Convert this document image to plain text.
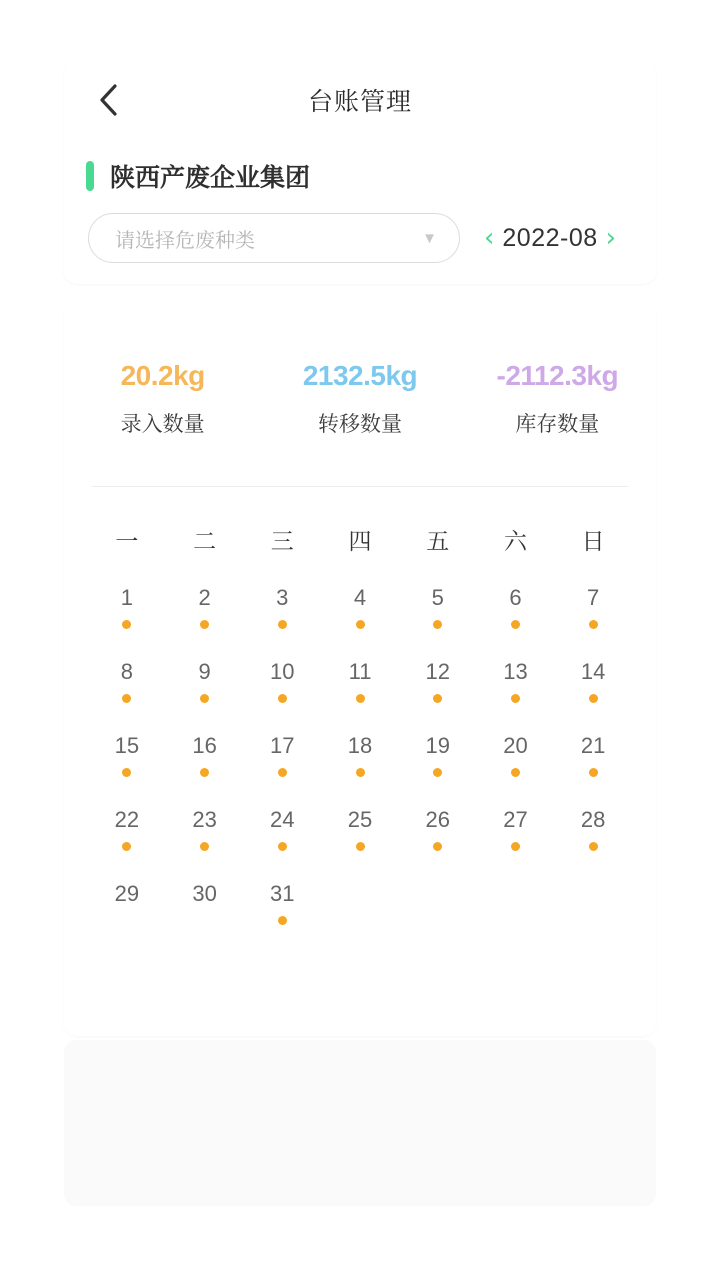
台账管理
陕西产废企业集团
请选择危废种类	▼ ‹ 2022-08 ›
20.2kg
录入数量
2132.5kg
转移数量
-2112.3kg
库存数量
一	二	三	四	五	六	日
1	2	3	4	5	6	7
8	9	10	11	12	13	14
15	16	17	18	19	20	21
22	23	24	25	26	27	28
29	30	31
